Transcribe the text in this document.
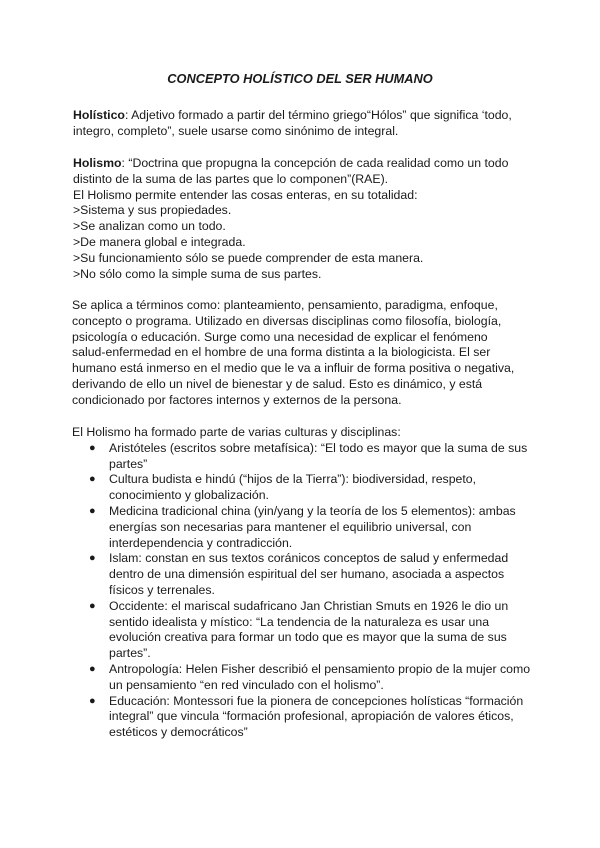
CONCEPTO HOLÍSTICO DEL SER HUMANO
Holístico: Adjetivo formado a partir del término griego“Hólos” que significa ‘todo,
integro, completo”, suele usarse como sinónimo de integral.
Holismo: “Doctrina que propugna la concepción de cada realidad como un todo
distinto de la suma de las partes que lo componen”(RAE).
El Holismo permite entender las cosas enteras, en su totalidad:
>Sistema y sus propiedades.
>Se analizan como un todo.
>De manera global e integrada.
>Su funcionamiento sólo se puede comprender de esta manera.
>No sólo como la simple suma de sus partes.
Se aplica a términos como: planteamiento, pensamiento, paradigma, enfoque,
concepto o programa. Utilizado en diversas disciplinas como filosofía, biología,
psicología o educación. Surge como una necesidad de explicar el fenómeno
salud-enfermedad en el hombre de una forma distinta a la biologicista. El ser
humano está inmerso en el medio que le va a influir de forma positiva o negativa,
derivando de ello un nivel de bienestar y de salud. Esto es dinámico, y está
condicionado por factores internos y externos de la persona.
El Holismo ha formado parte de varias culturas y disciplinas:
● Aristóteles (escritos sobre metafísica): “El todo es mayor que la suma de sus
partes”
● Cultura budista e hindú (“hijos de la Tierra”): biodiversidad, respeto,
conocimiento y globalización.
● Medicina tradicional china (yin/yang y la teoría de los 5 elementos): ambas
energías son necesarias para mantener el equilibrio universal, con
interdependencia y contradicción.
● Islam: constan en sus textos coránicos conceptos de salud y enfermedad
dentro de una dimensión espiritual del ser humano, asociada a aspectos
físicos y terrenales.
● Occidente: el mariscal sudafricano Jan Christian Smuts en 1926 le dio un
sentido idealista y místico: “La tendencia de la naturaleza es usar una
evolución creativa para formar un todo que es mayor que la suma de sus
partes”.
● Antropología: Helen Fisher describió el pensamiento propio de la mujer como
un pensamiento “en red vinculado con el holismo”.
● Educación: Montessori fue la pionera de concepciones holísticas “formación
integral” que vincula “formación profesional, apropiación de valores éticos,
estéticos y democráticos”
